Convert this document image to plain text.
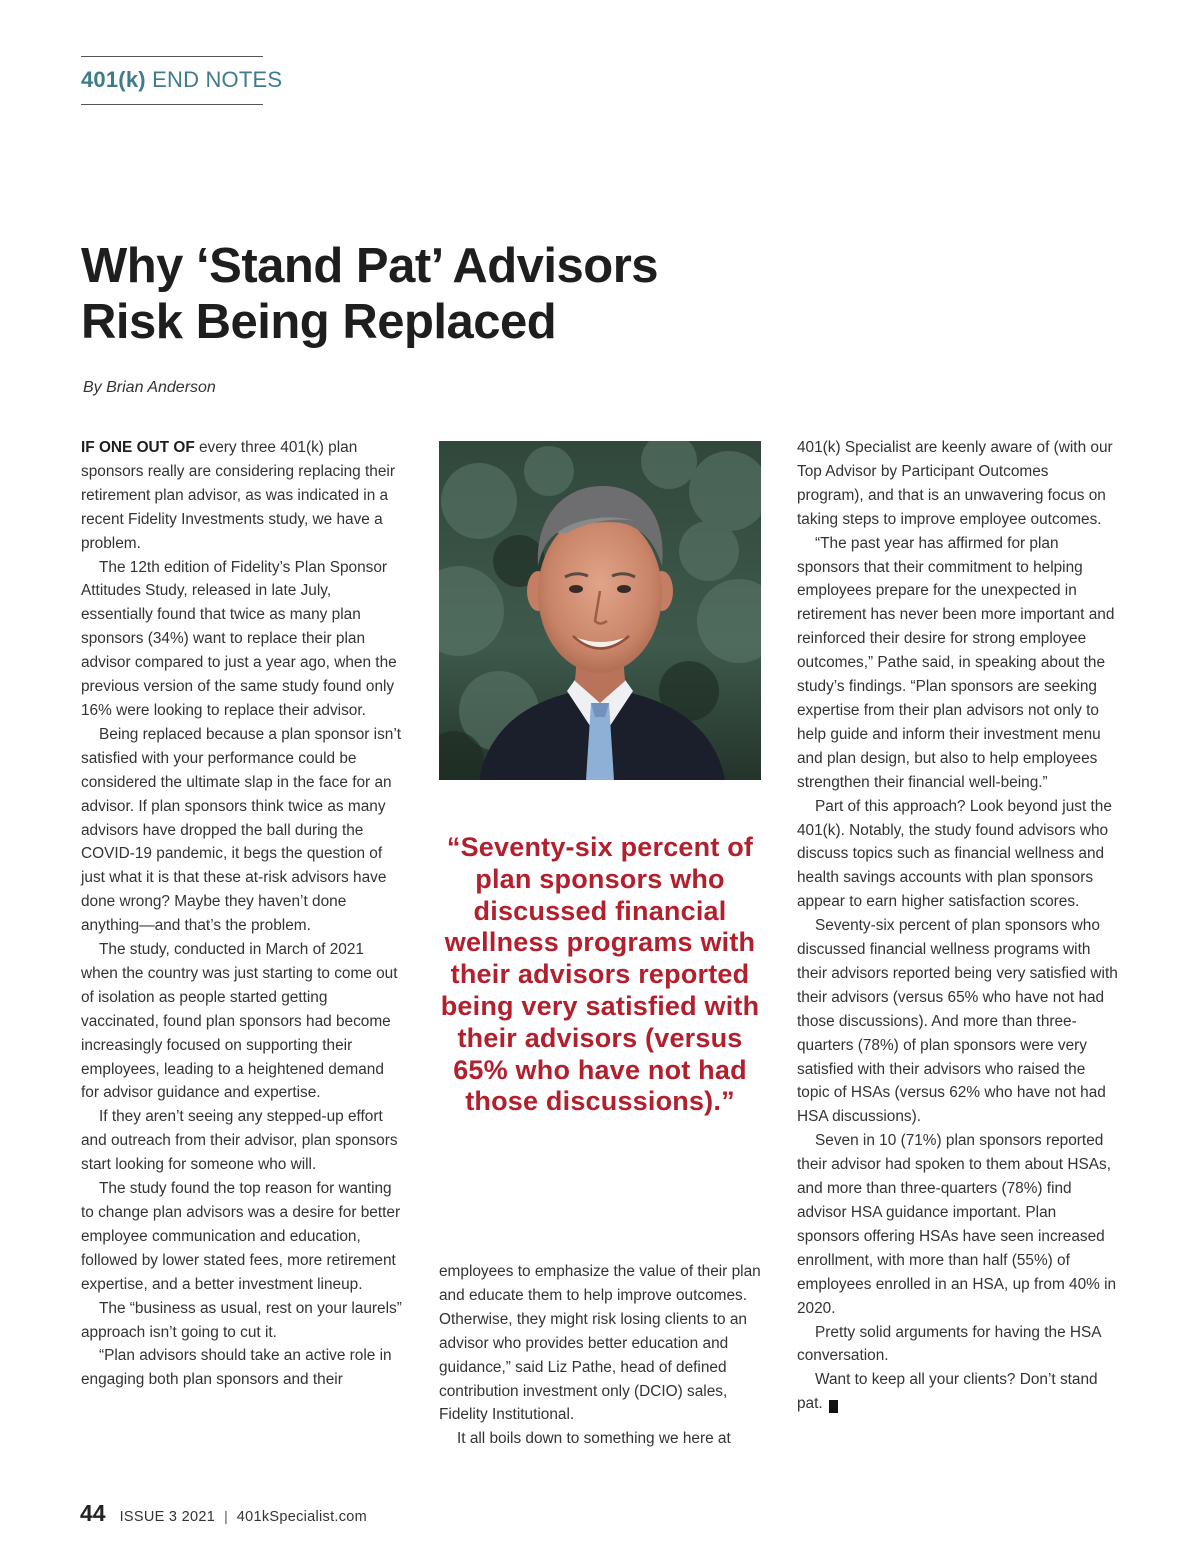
401(k) END NOTES
Why ‘Stand Pat’ Advisors
Risk Being Replaced
By Brian Anderson

IF ONE OUT OF every three 401(k) plan sponsors really are considering replacing their retirement plan advisor, as was indicated in a recent Fidelity Investments study, we have a problem.

The 12th edition of Fidelity’s Plan Sponsor Attitudes Study, released in late July, essentially found that twice as many plan sponsors (34%) want to replace their plan advisor compared to just a year ago, when the previous version of the same study found only 16% were looking to replace their advisor.

Being replaced because a plan sponsor isn’t satisfied with your performance could be considered the ultimate slap in the face for an advisor. If plan sponsors think twice as many advisors have dropped the ball during the COVID-19 pandemic, it begs the question of just what it is that these at-risk advisors have done wrong? Maybe they haven’t done anything—and that’s the problem.

The study, conducted in March of 2021 when the country was just starting to come out of isolation as people started getting vaccinated, found plan sponsors had become increasingly focused on supporting their employees, leading to a heightened demand for advisor guidance and expertise.

If they aren’t seeing any stepped-up effort and outreach from their advisor, plan sponsors start looking for someone who will.

The study found the top reason for wanting to change plan advisors was a desire for better employee communication and education, followed by lower stated fees, more retirement expertise, and a better investment lineup.

The “business as usual, rest on your laurels” approach isn’t going to cut it.

“Plan advisors should take an active role in engaging both plan sponsors and their

“Seventy-six percent of plan sponsors who discussed financial wellness programs with their advisors reported being very satisfied with their advisors (versus 65% who have not had those discussions).”

employees to emphasize the value of their plan and educate them to help improve outcomes. Otherwise, they might risk losing clients to an advisor who provides better education and guidance,” said Liz Pathe, head of defined contribution investment only (DCIO) sales, Fidelity Institutional.

It all boils down to something we here at

401(k) Specialist are keenly aware of (with our Top Advisor by Participant Outcomes program), and that is an unwavering focus on taking steps to improve employee outcomes.

“The past year has affirmed for plan sponsors that their commitment to helping employees prepare for the unexpected in retirement has never been more important and reinforced their desire for strong employee outcomes,” Pathe said, in speaking about the study’s findings. “Plan sponsors are seeking expertise from their plan advisors not only to help guide and inform their investment menu and plan design, but also to help employees strengthen their financial well-being.”

Part of this approach? Look beyond just the 401(k). Notably, the study found advisors who discuss topics such as financial wellness and health savings accounts with plan sponsors appear to earn higher satisfaction scores.

Seventy-six percent of plan sponsors who discussed financial wellness programs with their advisors reported being very satisfied with their advisors (versus 65% who have not had those discussions). And more than three-quarters (78%) of plan sponsors were very satisfied with their advisors who raised the topic of HSAs (versus 62% who have not had HSA discussions).

Seven in 10 (71%) plan sponsors reported their advisor had spoken to them about HSAs, and more than three-quarters (78%) find advisor HSA guidance important. Plan sponsors offering HSAs have seen increased enrollment, with more than half (55%) of employees enrolled in an HSA, up from 40% in 2020.

Pretty solid arguments for having the HSA conversation.

Want to keep all your clients? Don’t stand pat.	K

44 ISSUE 3 2021 | 401kSpecialist.com
